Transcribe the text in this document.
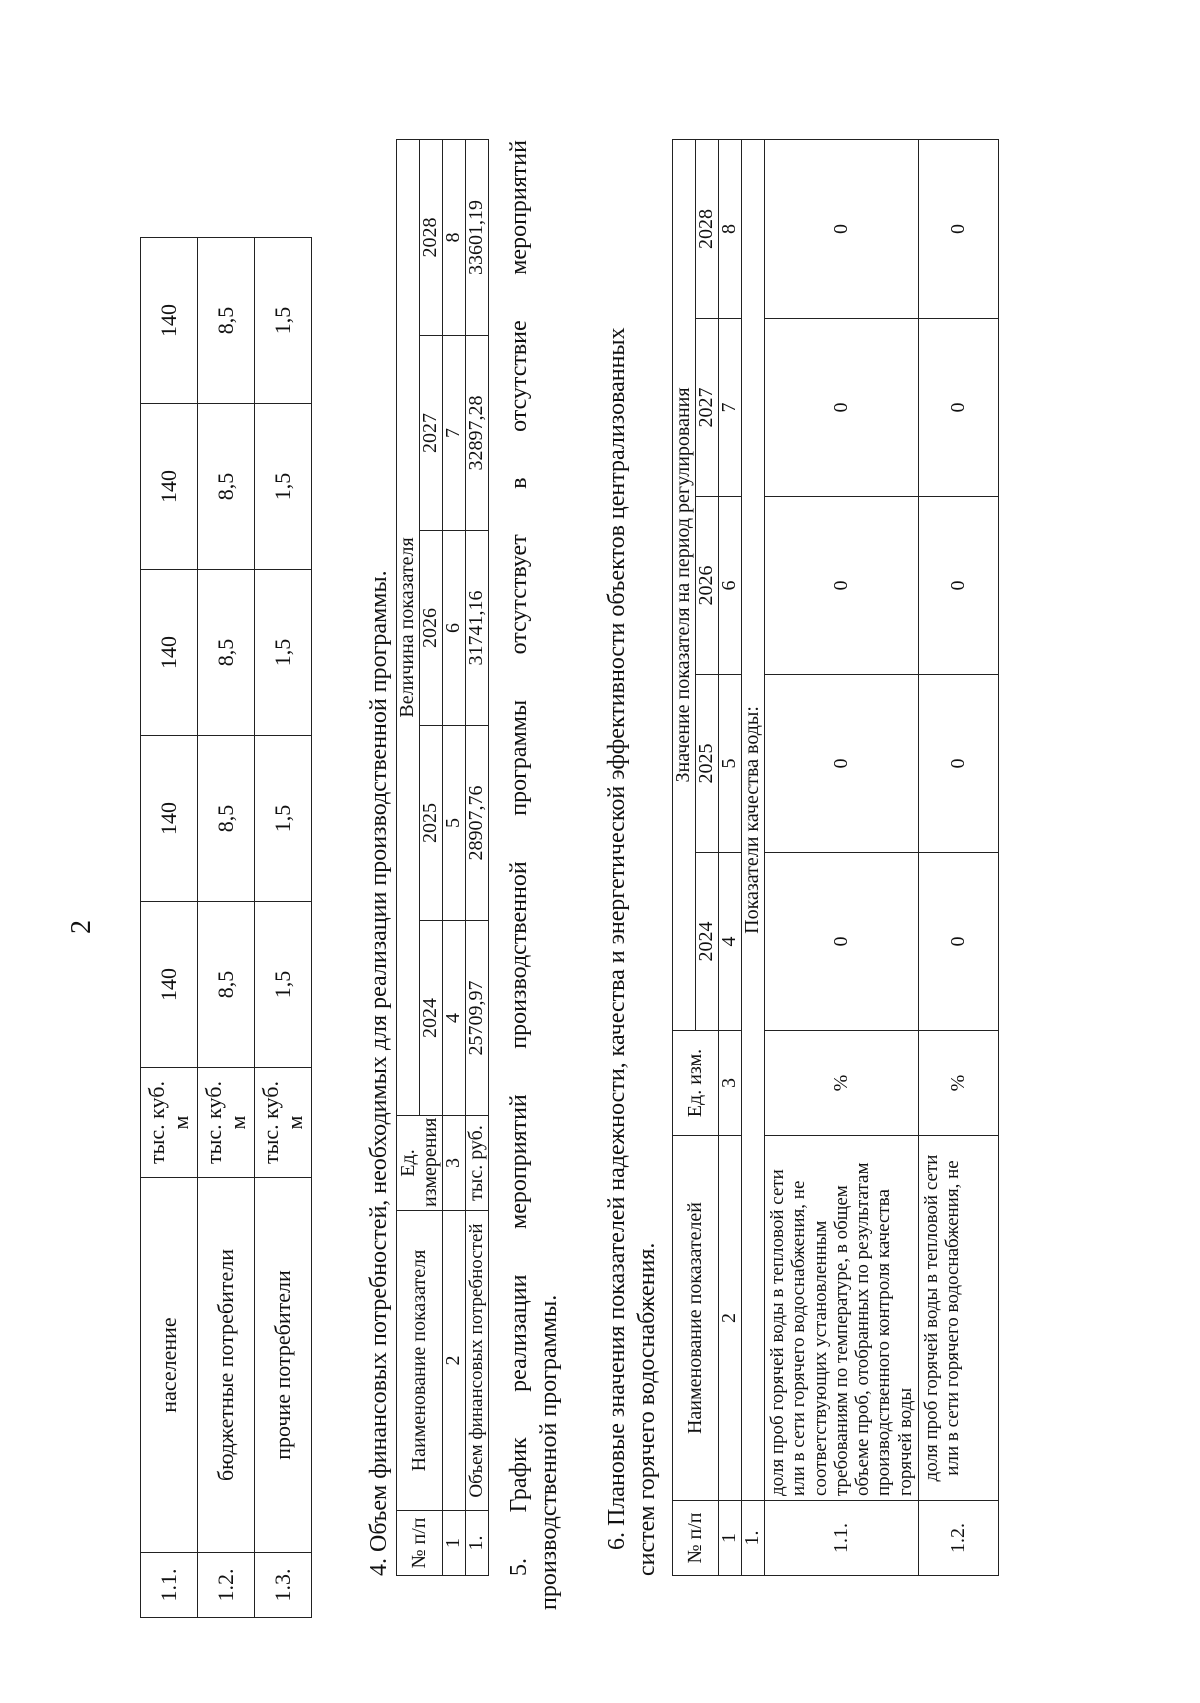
2
1.1.	население	тыс. куб. м	140	140	140	140	140
1.2.	бюджетные потребители	тыс. куб. м	8,5	8,5	8,5	8,5	8,5
1.3.	прочие потребители	тыс. куб. м	1,5	1,5	1,5	1,5	1,5
4. Объем финансовых потребностей, необходимых для реализации производственной программы. № п/п	Наименование показателя	Ед. измерения	Величина показателя				
			2024	2025	2026	2027	2028
1	2	3	4	5	6	7	8
1.	Объем финансовых потребностей	тыс. руб.	25709,97	28907,76	31741,16	32897,28	33601,19
5.
График
реализации
мероприятий
производственной
программы
отсутствует
в
отсутствие
мероприятий
производственной программы. 6. Плановые значения показателей надежности, качества и энергетической эффективности объектов централизованных систем горячего водоснабжения. № п/п	Наименование показателей	Ед. изм.	Значение показателя на период регулирования				
			2024	2025	2026	2027	2028
1	2	3	4	5	6	7	8
1.	Показатели качества воды:						
1.1.	доля проб горячей воды в тепловой сети или в сети горячего водоснабжения, не соответствующих установленным требованиям по температуре, в общем объеме проб, отобранных по результатам производственного контроля качества горячей воды	%	0	0	0	0	0
1.2.	доля проб горячей воды в тепловой сети или в сети горячего водоснабжения, не	%	0	0	0	0	0
